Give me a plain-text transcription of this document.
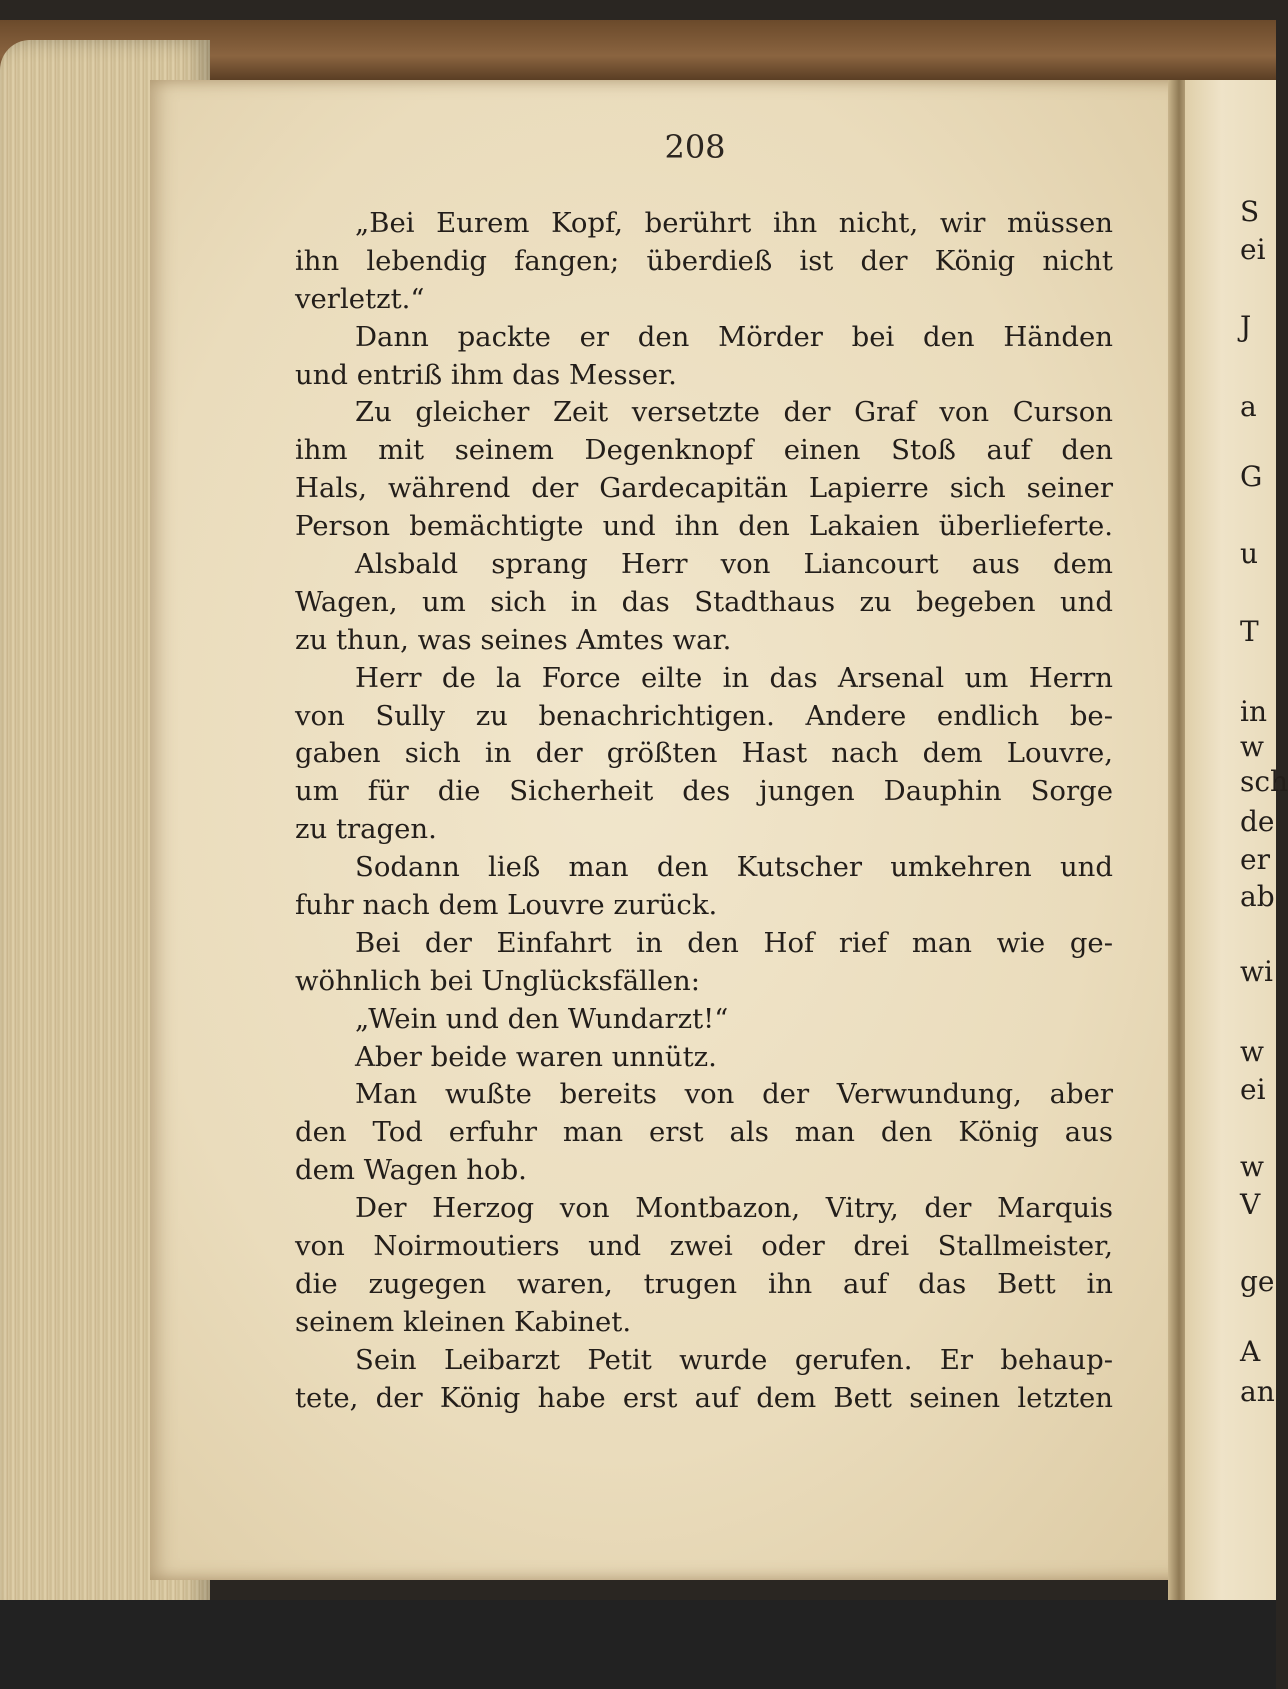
208
„Bei Eurem Kopf, berührt ihn nicht, wir müssen
ihn lebendig fangen; überdieß ist der König nicht
verletzt.“
Dann packte er den Mörder bei den Händen
und entriß ihm das Messer.
Zu gleicher Zeit versetzte der Graf von Curson
ihm mit seinem Degenknopf einen Stoß auf den
Hals, während der Gardecapitän Lapierre sich seiner
Person bemächtigte und ihn den Lakaien überlieferte.
Alsbald sprang Herr von Liancourt aus dem
Wagen, um sich in das Stadthaus zu begeben und
zu thun, was seines Amtes war.
Herr de la Force eilte in das Arsenal um Herrn
von Sully zu benachrichtigen. Andere endlich be-
gaben sich in der größten Hast nach dem Louvre,
um für die Sicherheit des jungen Dauphin Sorge
zu tragen.
Sodann ließ man den Kutscher umkehren und
fuhr nach dem Louvre zurück.
Bei der Einfahrt in den Hof rief man wie ge-
wöhnlich bei Unglücksfällen:
„Wein und den Wundarzt!“
Aber beide waren unnütz.
Man wußte bereits von der Verwundung, aber
den Tod erfuhr man erst als man den König aus
dem Wagen hob.
Der Herzog von Montbazon, Vitry, der Marquis
von Noirmoutiers und zwei oder drei Stallmeister,
die zugegen waren, trugen ihn auf das Bett in
seinem kleinen Kabinet.
Sein Leibarzt Petit wurde gerufen. Er behaup-
tete, der König habe erst auf dem Bett seinen letzten
S
ei
J
a
G
u
T
in
w
sch
de
er
ab
wi
w
ei
w
V
ge
A
an
